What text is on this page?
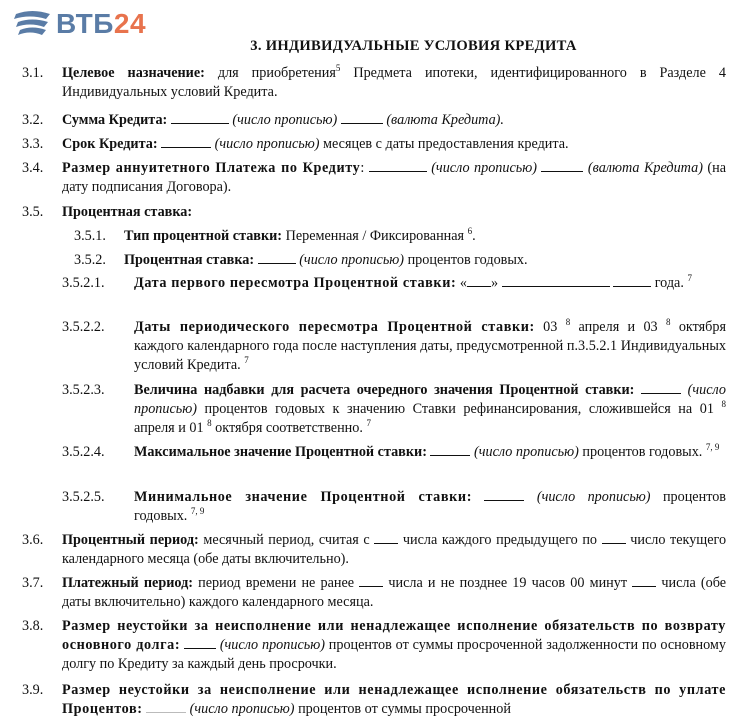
ВТБ24
3. ИНДИВИДУАЛЬНЫЕ УСЛОВИЯ КРЕДИТА
3.1. Целевое назначение: для приобретения$^5$ Предмета ипотеки, идентифицированного в Разделе 4 Индивидуальных условий Кредита.
3.2. Сумма Кредита:	(число прописью)	(валюта Кредита).
3.3. Срок Кредита:	(число прописью) месяцев с даты предоставления кредита.
3.4. Размер аннуитетного Платежа по Кредиту:	(число прописью)	(валюта Кредита) (на дату подписания Договора).
3.5. Процентная ставка:
3.5.1. Тип процентной ставки: Переменная / Фиксированная $^6$.
3.5.2. Процентная ставка:	(число прописью) процентов годовых.
3.5.2.1. Дата первого пересмотра Процентной ставки: « »	года. $^7$
3.5.2.2. Даты периодического пересмотра Процентной ставки: 03 $^8$ апреля и 03 $^8$ октября каждого календарного года после наступления даты, предусмотренной п.3.5.2.1 Индивидуальных условий Кредита. $^7$
3.5.2.3. Величина надбавки для расчета очередного значения Процентной ставки:	(число прописью) процентов годовых к значению Ставки рефинансирования, сложившейся на 01 $^8$ апреля и 01 $^8$ октября соответственно. $^7$
3.5.2.4. Максимальное значение Процентной ставки:	(число прописью) процентов годовых. $^{7, 9}$
3.5.2.5. Минимальное значение Процентной ставки:	(число прописью) процентов годовых. $^{7, 9}$
3.6. Процентный период: месячный период, считая с числа каждого предыдущего по число текущего календарного месяца (обе даты включительно).
3.7. Платежный период: период времени не ранее числа и не позднее 19 часов 00 минут числа (обе даты включительно) каждого календарного месяца.
3.8. Размер неустойки за неисполнение или ненадлежащее исполнение обязательств по возврату основного долга:	(число прописью) процентов от суммы просроченной задолженности по основному долгу по Кредиту за каждый день просрочки.
3.9. Размер неустойки за неисполнение или ненадлежащее исполнение обязательств по уплате Процентов:	(число прописью) процентов от суммы просроченной
